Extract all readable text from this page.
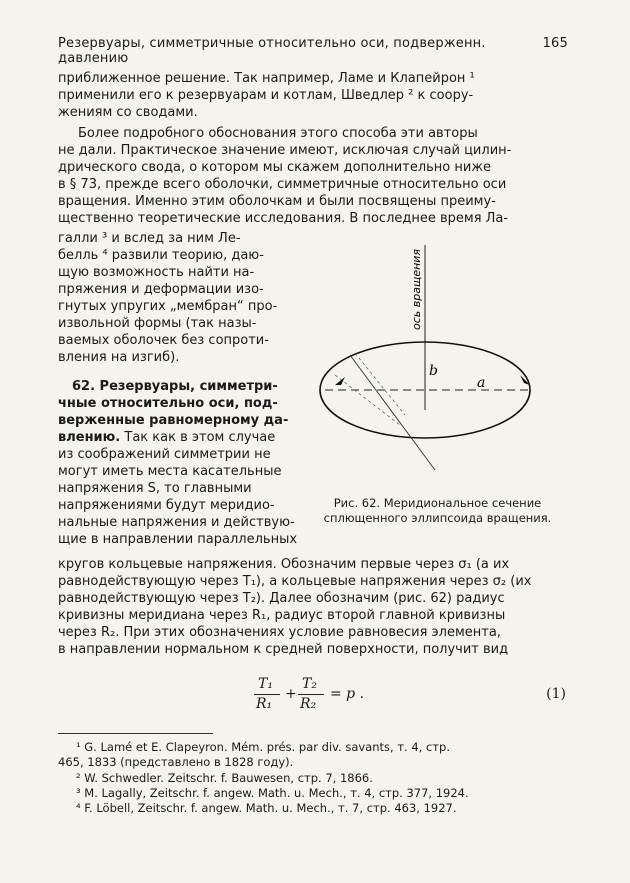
Резервуары, симметричные относительно оси, подверженн. давлению
165
приближенное решение. Так например, Ламе и Клапейрон ¹
применили его к резервуарам и котлам, Шведлер ² к соору-
жениям со сводами.
Более подробного обоснования этого способа эти авторы
не дали. Практическое значение имеют, исключая случай цилин-
дрического свода, о котором мы скажем дополнительно ниже
в § 73, прежде всего оболочки, симметричные относительно оси
вращения. Именно этим оболочкам и были посвящены преиму-
щественно теоретические исследования. В последнее время Ла-
галли ³ и вслед за ним Ле-
белль ⁴ развили теорию, даю-
щую возможность найти на-
пряжения и деформации изо-
гнутых упругих „мембран“ про-
извольной формы (так назы-
ваемых оболочек без сопроти-
вления на изгиб).
62. Резервуары, симметри-
чные относительно оси, под-
верженные равномерному да-
влению. Так как в этом случае
из соображений симметрии не
могут иметь места касательные
напряжения S, то главными
напряжениями будут меридио-
нальные напряжения и действую-
щие в направлении параллельных
ось вращения
b
a
Рис. 62. Меридиональное сечение
сплющенного эллипсоида вращения.
кругов кольцевые напряжения. Обозначим первые через σ₁ (а их
равнодействующую через T₁), а кольцевые напряжения через σ₂ (их
равнодействующую через T₂). Далее обозначим (рис. 62) радиус
кривизны меридиана через R₁, радиус второй главной кривизны
через R₂. При этих обозначениях условие равновесия элемента,
в направлении нормальном к средней поверхности, получит вид
T₁
R₁
+
T₂
R₂
= p .	(1)
¹ G. Lamé et E. Clapeyron. Mém. prés. par div. savants, т. 4, стр.
465, 1833 (представлено в 1828 году).
² W. Schwedler. Zeitschr. f. Bauwesen, стр. 7, 1866.
³ M. Lagally, Zeitschr. f. angew. Math. u. Mech., т. 4, стр. 377, 1924.
⁴ F. Löbell, Zeitschr. f. angew. Math. u. Mech., т. 7, стр. 463, 1927.
